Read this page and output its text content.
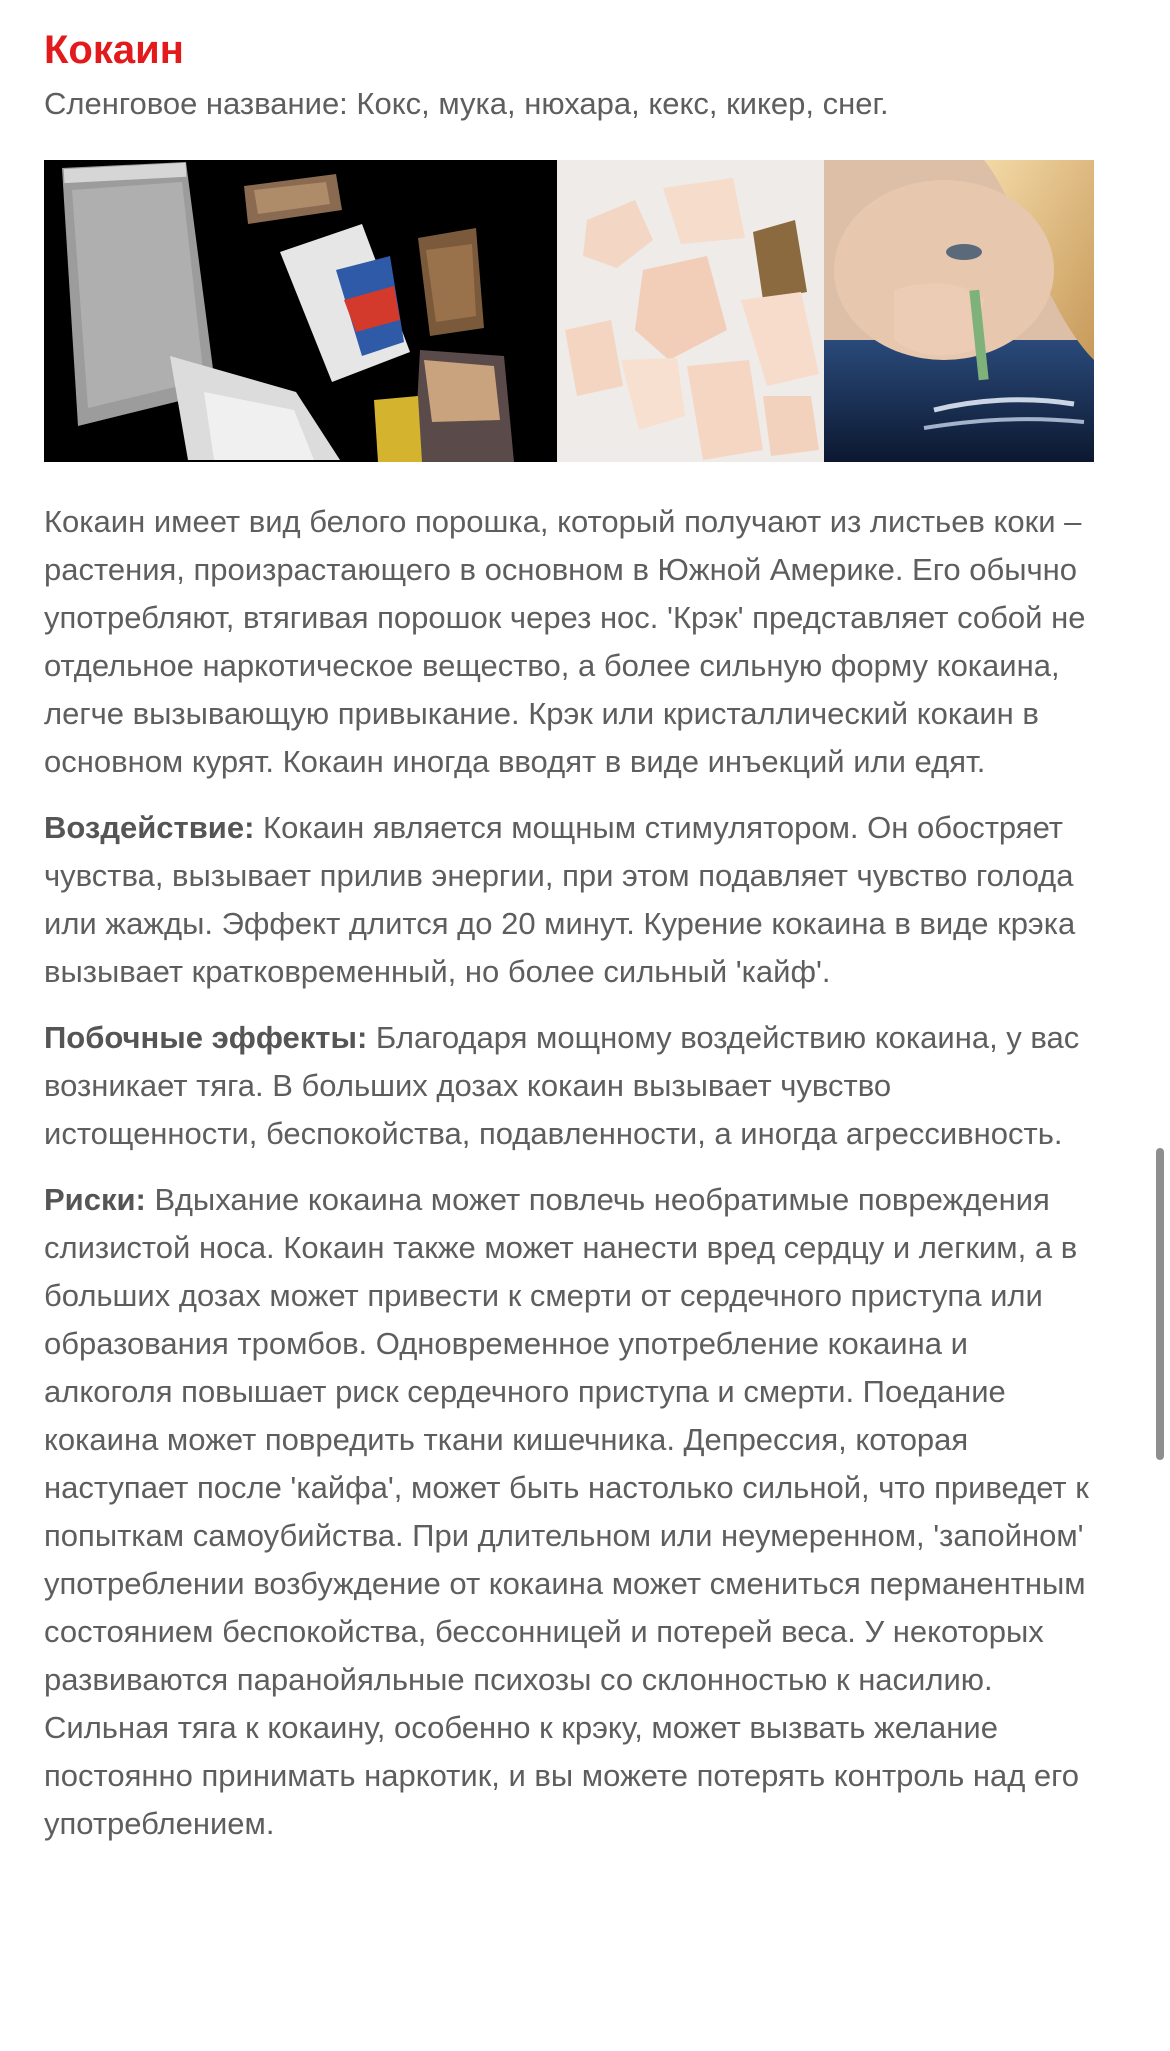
Кокаин

Сленговое название: Кокс, мука, нюхара, кекс, кикер, снег.

Кокаин имеет вид белого порошка, который получают из листьев коки – растения, произрастающего в основном в Южной Америке. Его обычно употребляют, втягивая порошок через нос. 'Крэк' представляет собой не отдельное наркотическое вещество, а более сильную форму кокаина, легче вызывающую привыкание. Крэк или кристаллический кокаин в основном курят. Кокаин иногда вводят в виде инъекций или едят.

Воздействие: Кокаин является мощным стимулятором. Он обостряет чувства, вызывает прилив энергии, при этом подавляет чувство голода или жажды. Эффект длится до 20 минут. Курение кокаина в виде крэка вызывает кратковременный, но более сильный 'кайф'.

Побочные эффекты: Благодаря мощному воздействию кокаина, у вас возникает тяга. В больших дозах кокаин вызывает чувство истощенности, беспокойства, подавленности, а иногда агрессивность.

Риски: Вдыхание кокаина может повлечь необратимые повреждения слизистой носа. Кокаин также может нанести вред сердцу и легким, а в больших дозах может привести к смерти от сердечного приступа или образования тромбов. Одновременное употребление кокаина и алкоголя повышает риск сердечного приступа и смерти. Поедание кокаина может повредить ткани кишечника. Депрессия, которая наступает после 'кайфа', может быть настолько сильной, что приведет к попыткам самоубийства. При длительном или неумеренном, 'запойном' употреблении возбуждение от кокаина может смениться перманентным состоянием беспокойства, бессонницей и потерей веса. У некоторых развиваются паранойяльные психозы со склонностью к насилию. Сильная тяга к кокаину, особенно к крэку, может вызвать желание постоянно принимать наркотик, и вы можете потерять контроль над его употреблением.
